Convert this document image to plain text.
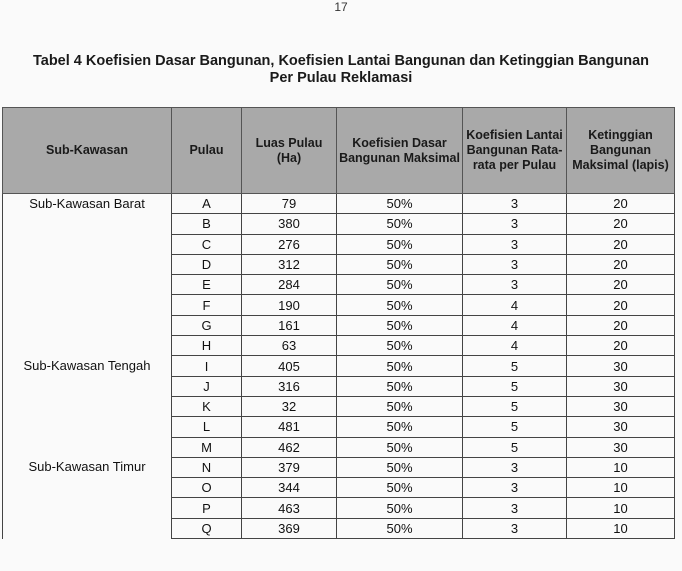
17
Tabel 4 Koefisien Dasar Bangunan, Koefisien Lantai Bangunan dan Ketinggian Bangunan Per Pulau Reklamasi
Sub-Kawasan	Pulau	Luas Pulau (Ha)	Koefisien Dasar Bangunan Maksimal	Koefisien Lantai Bangunan Rata-rata per Pulau	Ketinggian Bangunan Maksimal (lapis)
Sub-Kawasan Barat	A	79	50%	3	20
	B	380	50%	3	20
	C	276	50%	3	20
	D	312	50%	3	20
	E	284	50%	3	20
	F	190	50%	4	20
	G	161	50%	4	20
	H	63	50%	4	20
Sub-Kawasan Tengah	I	405	50%	5	30
	J	316	50%	5	30
	K	32	50%	5	30
	L	481	50%	5	30
	M	462	50%	5	30
Sub-Kawasan Timur	N	379	50%	3	10
	O	344	50%	3	10
	P	463	50%	3	10
	Q	369	50%	3	10
